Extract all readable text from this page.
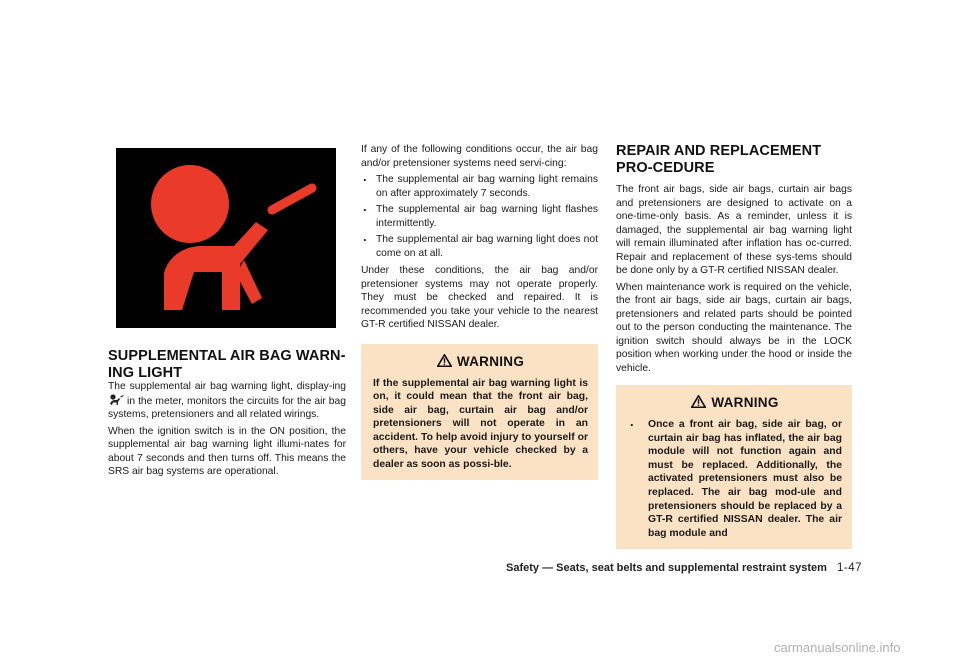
SUPPLEMENTAL AIR BAG WARN-ING LIGHT

The supplemental air bag warning light, display-ing  in the meter, monitors the circuits for the air bag systems, pretensioners and all related wirings.

When the ignition switch is in the ON position, the supplemental air bag warning light illumi-nates for about 7 seconds and then turns off. This means the SRS air bag systems are operational.

If any of the following conditions occur, the air bag and/or pretensioner systems need servi-cing:

. The supplemental air bag warning light remains on after approximately 7 seconds.
. The supplemental air bag warning light flashes intermittently.
. The supplemental air bag warning light does not come on at all.

Under these conditions, the air bag and/or pretensioner systems may not operate properly. They must be checked and repaired. It is recommended you take your vehicle to the nearest GT-R certified NISSAN dealer.

WARNING

If the supplemental air bag warning light is on, it could mean that the front air bag, side air bag, curtain air bag and/or pretensioners will not operate in an accident. To help avoid injury to yourself or others, have your vehicle checked by a dealer as soon as possi-ble.

REPAIR AND REPLACEMENT PRO-CEDURE

The front air bags, side air bags, curtain air bags and pretensioners are designed to activate on a one-time-only basis. As a reminder, unless it is damaged, the supplemental air bag warning light will remain illuminated after inflation has oc-curred. Repair and replacement of these sys-tems should be done only by a GT-R certified NISSAN dealer.

When maintenance work is required on the vehicle, the front air bags, side air bags, curtain air bags, pretensioners and related parts should be pointed out to the person conducting the maintenance. The ignition switch should always be in the LOCK position when working under the hood or inside the vehicle.

WARNING
. Once a front air bag, side air bag, or curtain air bag has inflated, the air bag module will not function again and must be replaced. Additionally, the activated pretensioners must also be replaced. The air bag mod-ule and pretensioners should be replaced by a GT-R certified NISSAN dealer. The air bag module and
Safety — Seats, seat belts and supplemental restraint system 1-47
carmanualsonline.info
